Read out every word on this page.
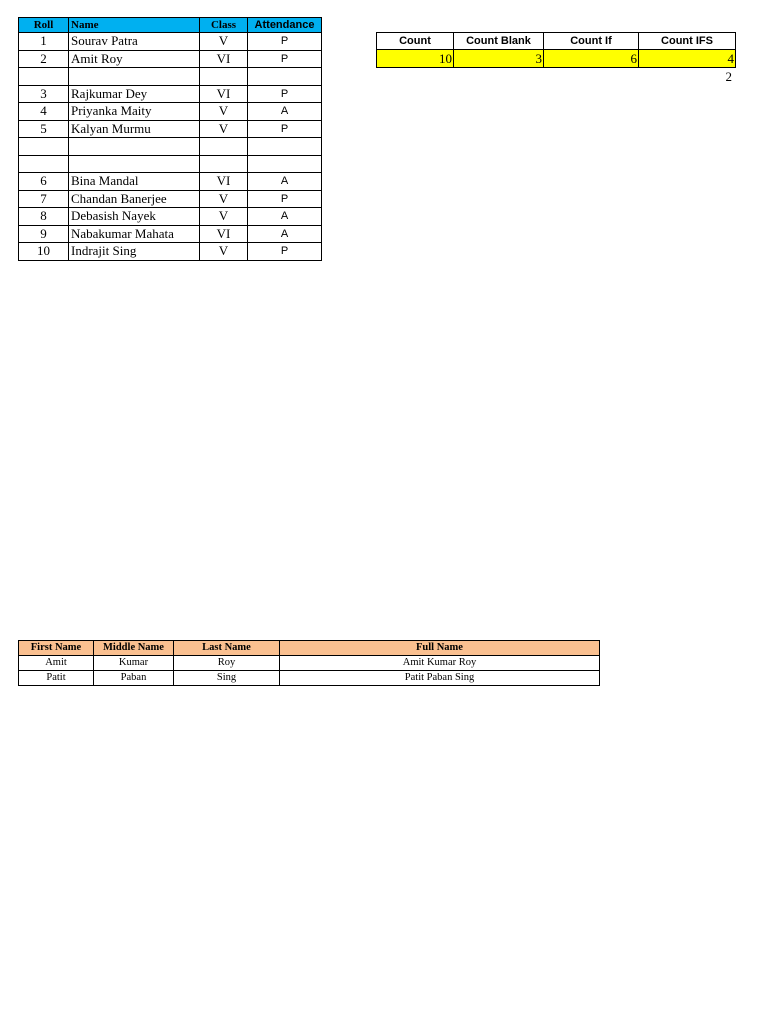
Roll	Name	Class	Attendance
1	Sourav Patra	V	P
2	Amit Roy	VI	P

3	Rajkumar Dey	VI	P
4	Priyanka Maity	V	A
5	Kalyan Murmu	V	P

6	Bina Mandal	VI	A
7	Chandan Banerjee	V	P
8	Debasish Nayek	V	A
9	Nabakumar Mahata	VI	A
10	Indrajit Sing	V	P
Count	Count Blank	Count If	Count IFS
10	3	6	4
2
First Name	Middle Name	Last Name	Full Name
Amit	Kumar	Roy	Amit Kumar Roy
Patit	Paban	Sing	Patit Paban Sing
